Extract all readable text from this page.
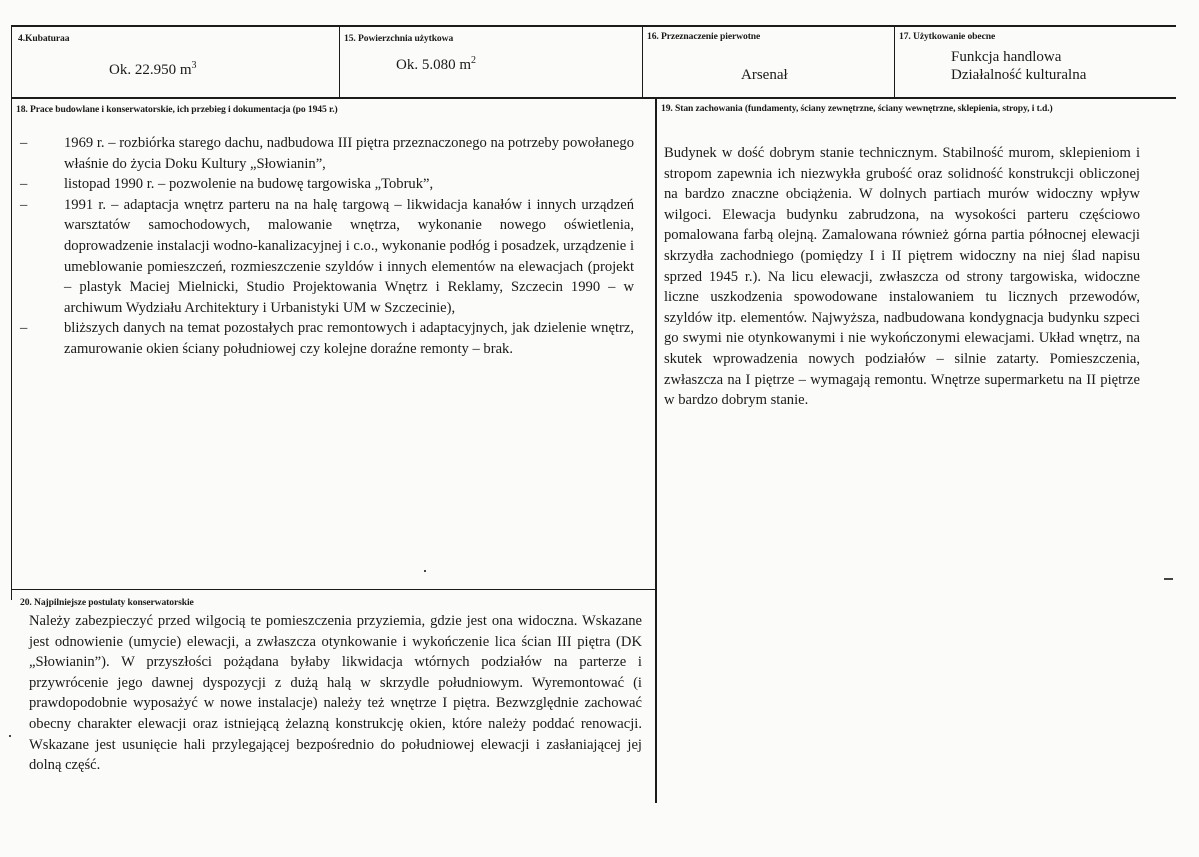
4.Kubaturaa
Ok. 22.950 $m^3$
15. Powierzchnia użytkowa
Ok. 5.080 $m^2$
16. Przeznaczenie pierwotne
Arsenał
17. Użytkowanie obecne
Funkcja handlowa
Działalność kulturalna
18. Prace budowlane i konserwatorskie, ich przebieg i dokumentacja (po 1945 r.)
–	1969 r. – rozbiórka starego dachu, nadbudowa III piętra przeznaczonego na potrzeby powołanego właśnie do życia Doku Kultury „Słowianin”,
–	listopad 1990 r. – pozwolenie na budowę targowiska „Tobruk”,
–	1991 r. – adaptacja wnętrz parteru na na halę targową – likwidacja kanałów i innych urządzeń warsztatów samochodowych, malowanie wnętrza, wykonanie nowego oświetlenia, doprowadzenie instalacji wodno-kanalizacyjnej i c.o., wykonanie podłóg i posadzek, urządzenie i umeblowanie pomieszczeń, rozmieszczenie szyldów i innych elementów na elewacjach (projekt – plastyk Maciej Mielnicki, Studio Projektowania Wnętrz i Reklamy, Szczecin 1990 – w archiwum Wydziału Architektury i Urbanistyki UM w Szczecinie),
–	bliższych danych na temat pozostałych prac remontowych i adaptacyjnych, jak dzielenie wnętrz, zamurowanie okien ściany południowej czy kolejne doraźne remonty – brak.
19. Stan zachowania (fundamenty, ściany zewnętrzne, ściany wewnętrzne, sklepienia, stropy, i t.d.)

Budynek w dość dobrym stanie technicznym. Stabilność murom, sklepieniom i stropom zapewnia ich niezwykła grubość oraz solidność konstrukcji obliczonej na bardzo znaczne obciążenia. W dolnych partiach murów widoczny wpływ wilgoci. Elewacja budynku zabrudzona, na wysokości parteru częściowo pomalowana farbą olejną. Zamalowana również górna partia północnej elewacji skrzydła zachodniego (pomiędzy I i II piętrem widoczny na niej ślad napisu sprzed 1945 r.). Na licu elewacji, zwłaszcza od strony targowiska, widoczne liczne uszkodzenia spowodowane instalowaniem tu licznych przewodów, szyldów itp. elementów. Najwyższa, nadbudowana kondygnacja budynku szpeci go swymi nie otynkowanymi i nie wykończonymi elewacjami. Układ wnętrz, na skutek wprowadzenia nowych podziałów – silnie zatarty. Pomieszczenia, zwłaszcza na I piętrze – wymagają remontu. Wnętrze supermarketu na II piętrze w bardzo dobrym stanie.

20. Najpilniejsze postulaty konserwatorskie

Należy zabezpieczyć przed wilgocią te pomieszczenia przyziemia, gdzie jest ona widoczna. Wskazane jest odnowienie (umycie) elewacji, a zwłaszcza otynkowanie i wykończenie lica ścian III piętra (DK „Słowianin”). W przyszłości pożądana byłaby likwidacja wtórnych podziałów na parterze i przywrócenie jego dawnej dyspozycji z dużą halą w skrzydle południowym. Wyremontować (i prawdopodobnie wyposażyć w nowe instalacje) należy też wnętrze I piętra. Bezwzględnie zachować obecny charakter elewacji oraz istniejącą żelazną konstrukcję okien, które należy poddać renowacji. Wskazane jest usunięcie hali przylegającej bezpośrednio do południowej elewacji i zasłaniającej jej dolną część.
